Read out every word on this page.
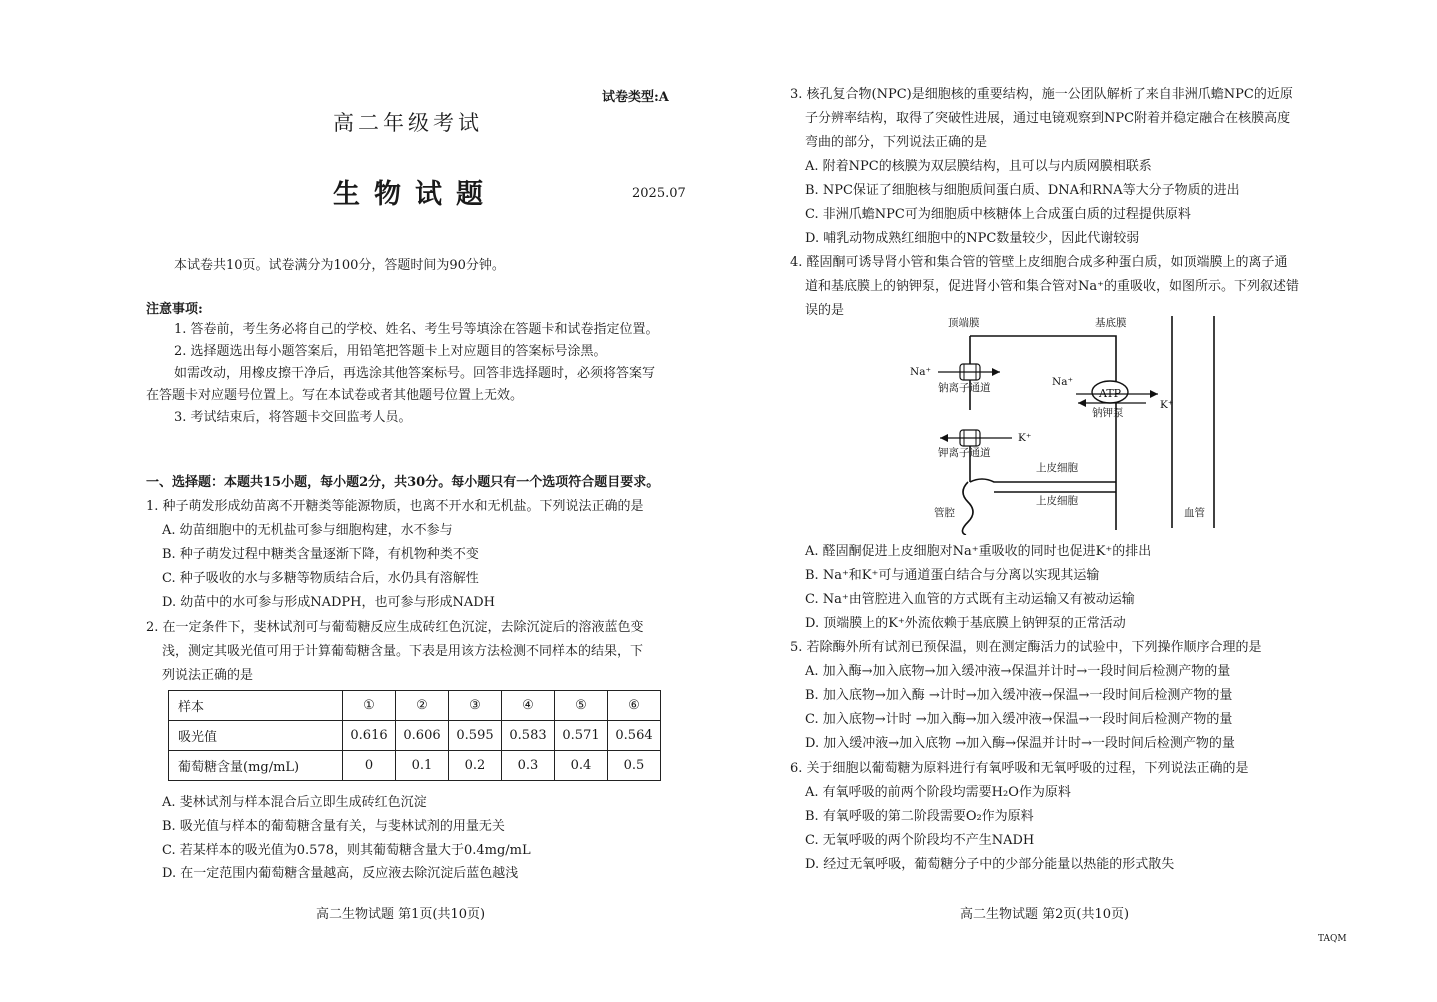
试卷类型:A
高二年级考试
生物试题	2025.07
本试卷共10页。试卷满分为100分，答题时间为90分钟。
注意事项:
1. 答卷前，考生务必将自己的学校、姓名、考生号等填涂在答题卡和试卷指定位置。
2. 选择题选出每小题答案后，用铅笔把答题卡上对应题目的答案标号涂黑。
如需改动，用橡皮擦干净后，再选涂其他答案标号。回答非选择题时，必须将答案写
在答题卡对应题号位置上。写在本试卷或者其他题号位置上无效。
3. 考试结束后，将答题卡交回监考人员。
一、选择题：本题共15小题，每小题2分，共30分。每小题只有一个选项符合题目要求。
1. 种子萌发形成幼苗离不开糖类等能源物质，也离不开水和无机盐。下列说法正确的是
A. 幼苗细胞中的无机盐可参与细胞构建，水不参与
B. 种子萌发过程中糖类含量逐渐下降，有机物种类不变
C. 种子吸收的水与多糖等物质结合后，水仍具有溶解性
D. 幼苗中的水可参与形成NADPH，也可参与形成NADH
2. 在一定条件下，斐林试剂可与葡萄糖反应生成砖红色沉淀，去除沉淀后的溶液蓝色变
浅，测定其吸光值可用于计算葡萄糖含量。下表是用该方法检测不同样本的结果，下
列说法正确的是
样本	①	②	③	④	⑤	⑥
吸光值	0.616	0.606	0.595	0.583	0.571	0.564
葡萄糖含量(mg/mL)	0	0.1	0.2	0.3	0.4	0.5
A. 斐林试剂与样本混合后立即生成砖红色沉淀
B. 吸光值与样本的葡萄糖含量有关，与斐林试剂的用量无关
C. 若某样本的吸光值为0.578，则其葡萄糖含量大于0.4mg/mL
D. 在一定范围内葡萄糖含量越高，反应液去除沉淀后蓝色越浅
高二生物试题 第1页(共10页)
3. 核孔复合物(NPC)是细胞核的重要结构，施一公团队解析了来自非洲爪蟾NPC的近原
子分辨率结构，取得了突破性进展，通过电镜观察到NPC附着并稳定融合在核膜高度
弯曲的部分，下列说法正确的是
A. 附着NPC的核膜为双层膜结构，且可以与内质网膜相联系
B. NPC保证了细胞核与细胞质间蛋白质、DNA和RNA等大分子物质的进出
C. 非洲爪蟾NPC可为细胞质中核糖体上合成蛋白质的过程提供原料
D. 哺乳动物成熟红细胞中的NPC数量较少，因此代谢较弱
4. 醛固酮可诱导肾小管和集合管的管壁上皮细胞合成多种蛋白质，如顶端膜上的离子通
道和基底膜上的钠钾泵，促进肾小管和集合管对Na⁺的重吸收，如图所示。下列叙述错
误的是
顶端膜	基底膜
Na⁺
钠离子通道	Na⁺
ATP
K⁺
钠钾泵
K⁺
钾离子通道
上皮细胞
上皮细胞
管腔	血管
A. 醛固酮促进上皮细胞对Na⁺重吸收的同时也促进K⁺的排出
B. Na⁺和K⁺可与通道蛋白结合与分离以实现其运输
C. Na⁺由管腔进入血管的方式既有主动运输又有被动运输
D. 顶端膜上的K⁺外流依赖于基底膜上钠钾泵的正常活动
5. 若除酶外所有试剂已预保温，则在测定酶活力的试验中，下列操作顺序合理的是
A. 加入酶→加入底物→加入缓冲液→保温并计时→一段时间后检测产物的量
B. 加入底物→加入酶 →计时→加入缓冲液→保温→一段时间后检测产物的量
C. 加入底物→计时 →加入酶→加入缓冲液→保温→一段时间后检测产物的量
D. 加入缓冲液→加入底物 →加入酶→保温并计时→一段时间后检测产物的量
6. 关于细胞以葡萄糖为原料进行有氧呼吸和无氧呼吸的过程，下列说法正确的是
A. 有氧呼吸的前两个阶段均需要H₂O作为原料
B. 有氧呼吸的第二阶段需要O₂作为原料
C. 无氧呼吸的两个阶段均不产生NADH
D. 经过无氧呼吸，葡萄糖分子中的少部分能量以热能的形式散失
高二生物试题 第2页(共10页)
TAQM
